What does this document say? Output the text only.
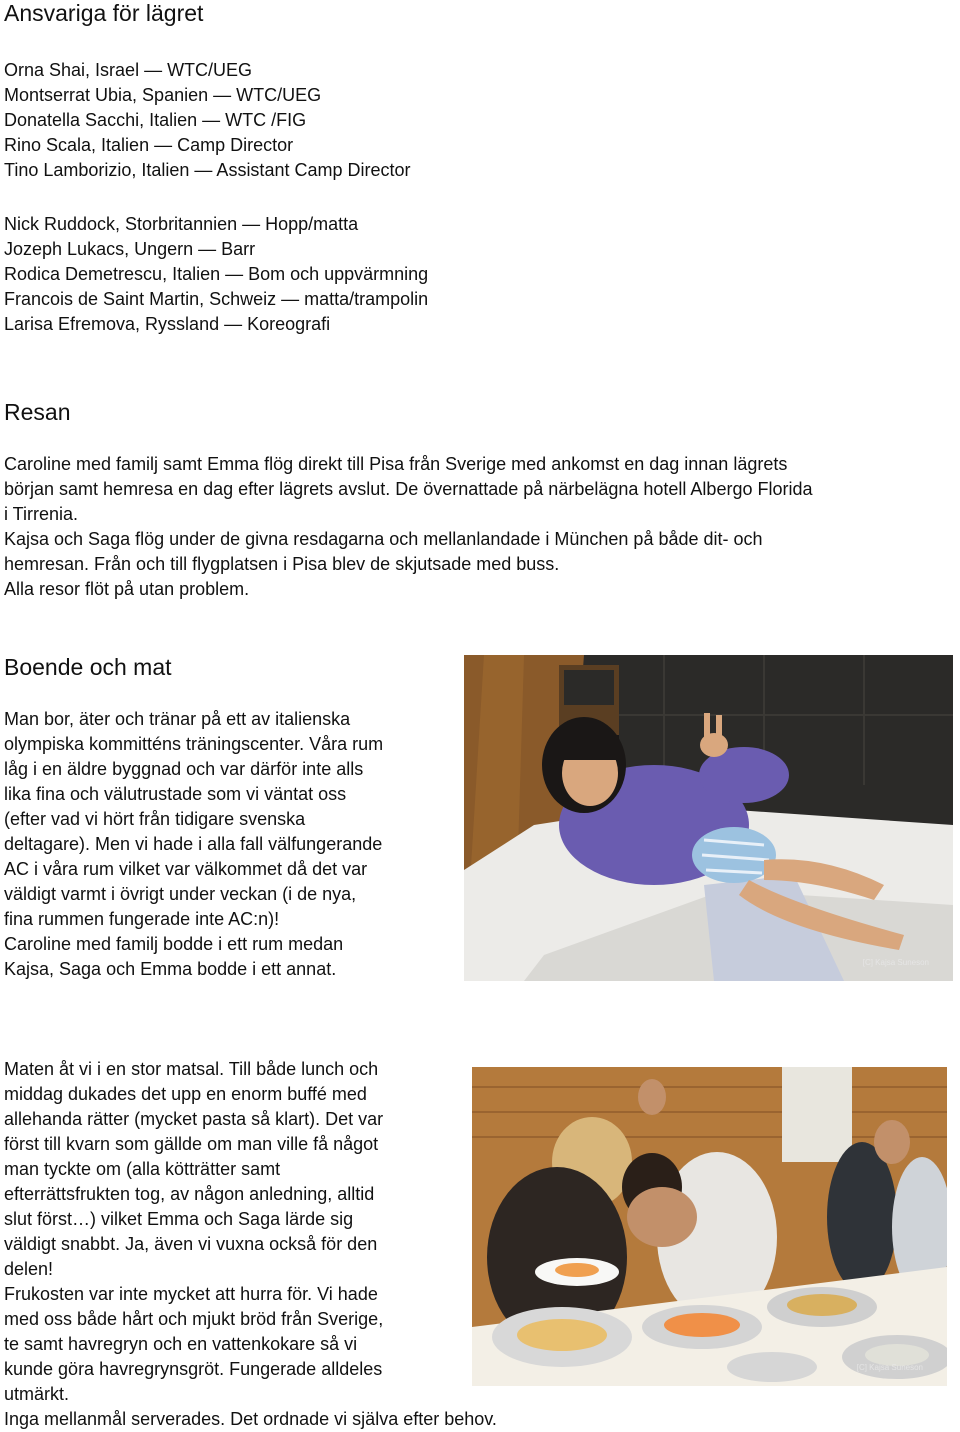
Ansvariga för lägret
Orna Shai, Israel — WTC/UEG
Montserrat Ubia, Spanien — WTC/UEG
Donatella Sacchi, Italien — WTC /FIG
Rino Scala, Italien — Camp Director
Tino Lamborizio, Italien — Assistant Camp Director
Nick Ruddock, Storbritannien — Hopp/matta
Jozeph Lukacs, Ungern — Barr
Rodica Demetrescu, Italien — Bom och uppvärmning
Francois de Saint Martin, Schweiz — matta/trampolin
Larisa Efremova, Ryssland — Koreografi
Resan

Caroline med familj samt Emma flög direkt till Pisa från Sverige med ankomst en dag innan lägrets

början samt hemresa en dag efter lägrets avslut. De övernattade på närbelägna hotell Albergo Florida

i Tirrenia.

Kajsa och Saga flög under de givna resdagarna och mellanlandade i München på både dit- och

hemresan. Från och till flygplatsen i Pisa blev de skjutsade med buss.

Alla resor flöt på utan problem.

Boende och mat

Man bor, äter och tränar på ett av italienska

olympiska kommitténs träningscenter. Våra rum

låg i en äldre byggnad och var därför inte alls

lika fina och välutrustade som vi väntat oss

(efter vad vi hört från tidigare svenska

deltagare). Men vi hade i alla fall välfungerande

AC i våra rum vilket var välkommet då det var

väldigt varmt i övrigt under veckan (i de nya,

fina rummen fungerade inte AC:n)!

Caroline med familj bodde i ett rum medan

Kajsa, Saga och Emma bodde i ett annat.	[C] Kajsa Suneson

Maten åt vi i en stor matsal. Till både lunch och

middag dukades det upp en enorm buffé med

allehanda rätter (mycket pasta så klart). Det var

först till kvarn som gällde om man ville få något

man tyckte om (alla kötträtter samt

efterrättsfrukten tog, av någon anledning, alltid

slut först…) vilket Emma och Saga lärde sig

väldigt snabbt. Ja, även vi vuxna också för den

delen!

Frukosten var inte mycket att hurra för. Vi hade

med oss både hårt och mjukt bröd från Sverige,

te samt havregryn och en vattenkokare så vi

kunde göra havregrynsgröt. Fungerade alldeles

utmärkt.

Inga mellanmål serverades. Det ordnade vi själva efter behov.

[C] Kajsa Suneson
